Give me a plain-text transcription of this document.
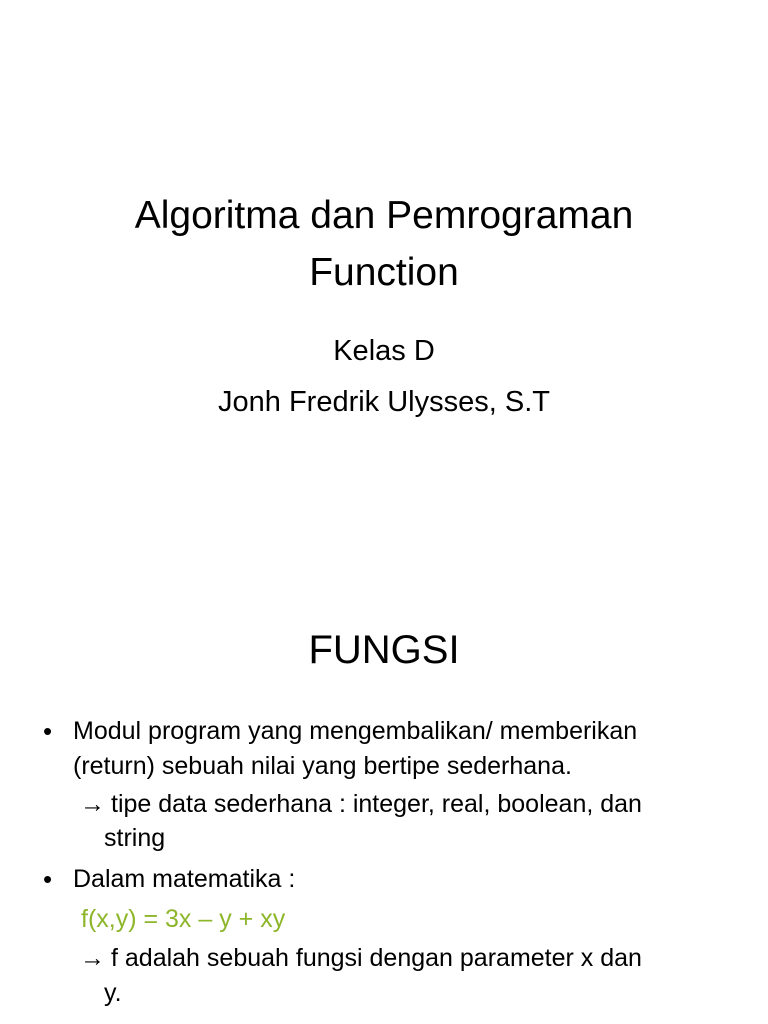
Algoritma dan Pemrograman
Function
Kelas D
Jonh Fredrik Ulysses, S.T
FUNGSI
• Modul program yang mengembalikan/ memberikan
(return) sebuah nilai yang bertipe sederhana.
→ tipe data sederhana : integer, real, boolean, dan
string
• Dalam matematika :
f(x,y) = 3x – y + xy
→ f adalah sebuah fungsi dengan parameter x dan
y.
